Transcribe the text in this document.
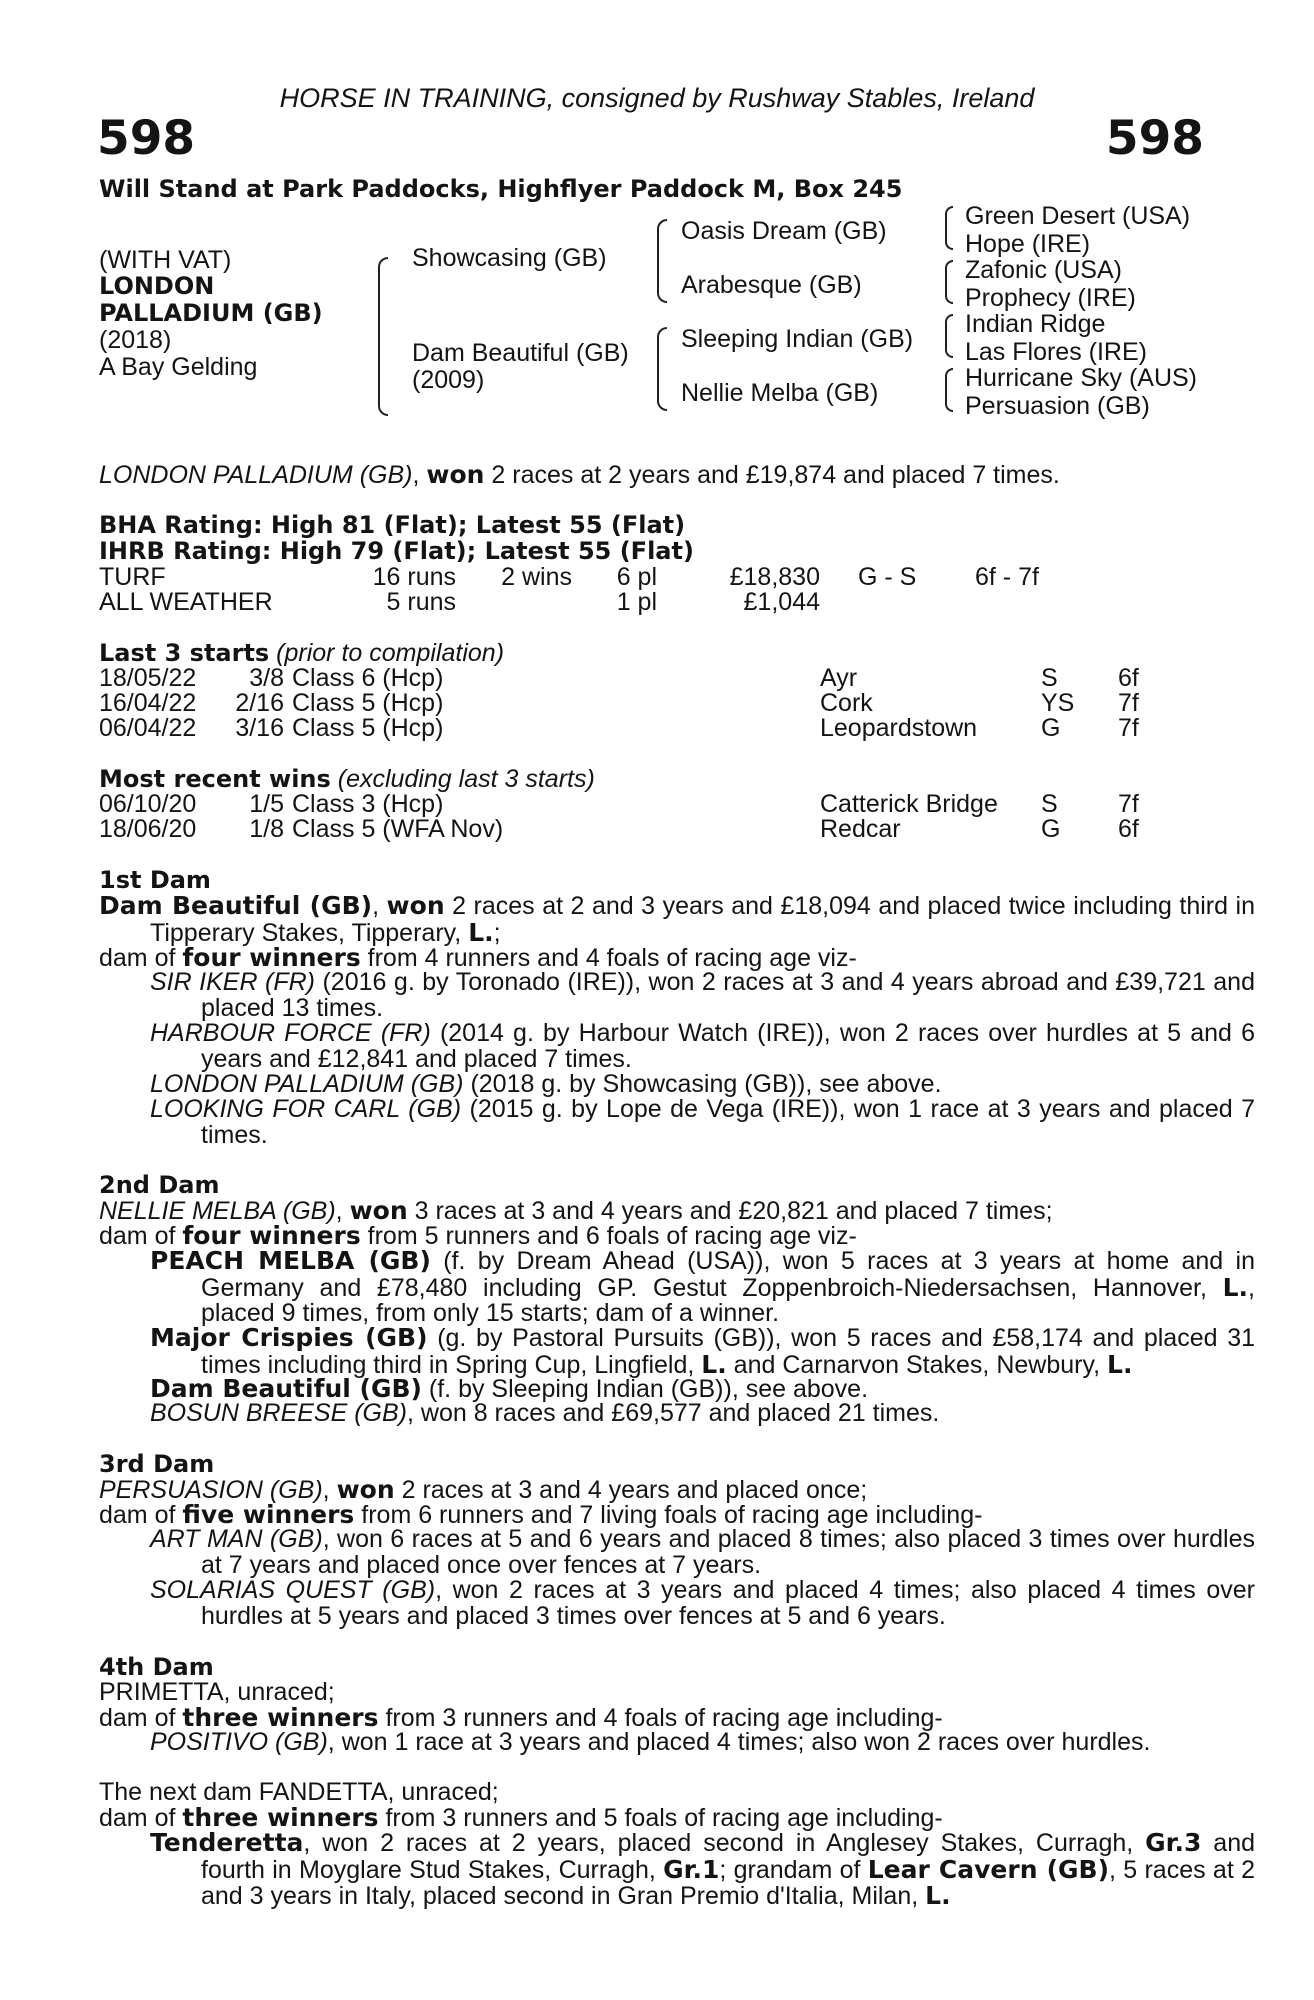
HORSE IN TRAINING, consigned by Rushway Stables, Ireland
598	598
Will Stand at Park Paddocks, Highflyer Paddock M, Box 245
(WITH VAT)
LONDON
PALLADIUM (GB)
(2018)
A Bay Gelding
Showcasing (GB)
Dam Beautiful (GB)
(2009)
Oasis Dream (GB)
Arabesque (GB)
Sleeping Indian (GB)
Nellie Melba (GB)
Green Desert (USA)
Hope (IRE)
Zafonic (USA)
Prophecy (IRE)
Indian Ridge
Las Flores (IRE)
Hurricane Sky (AUS)
Persuasion (GB)
LONDON PALLADIUM (GB), won 2 races at 2 years and £19,874 and placed 7 times.
BHA Rating: High 81 (Flat); Latest 55 (Flat)
IHRB Rating: High 79 (Flat); Latest 55 (Flat)
TURF	16 runs	2 wins	6 pl	£18,830 G - S 6f - 7f
ALL WEATHER	5 runs	1 pl	£1,044
Last 3 starts (prior to compilation)
18/05/22	3/8 Class 6 (Hcp)	Ayr	S 6f
16/04/22	2/16 Class 5 (Hcp)	Cork	YS 7f
06/04/22	3/16 Class 5 (Hcp)	Leopardstown	G 7f
Most recent wins (excluding last 3 starts)
06/10/20	1/5 Class 3 (Hcp)	Catterick Bridge S 7f
18/06/20	1/8 Class 5 (WFA Nov)	Redcar	G 6f
1st Dam
Dam Beautiful (GB), won 2 races at 2 and 3 years and £18,094 and placed twice including third in Tipperary Stakes, Tipperary, L.;
dam of four winners from 4 runners and 4 foals of racing age viz-
SIR IKER (FR) (2016 g. by Toronado (IRE)), won 2 races at 3 and 4 years abroad and £39,721 and placed 13 times.
HARBOUR FORCE (FR) (2014 g. by Harbour Watch (IRE)), won 2 races over hurdles at 5 and 6 years and £12,841 and placed 7 times.
LONDON PALLADIUM (GB) (2018 g. by Showcasing (GB)), see above.
LOOKING FOR CARL (GB) (2015 g. by Lope de Vega (IRE)), won 1 race at 3 years and placed 7 times.
2nd Dam
NELLIE MELBA (GB), won 3 races at 3 and 4 years and £20,821 and placed 7 times;
dam of four winners from 5 runners and 6 foals of racing age viz-
PEACH MELBA (GB) (f. by Dream Ahead (USA)), won 5 races at 3 years at home and in Germany and £78,480 including GP. Gestut Zoppenbroich-Niedersachsen, Hannover, L., placed 9 times, from only 15 starts; dam of a winner.
Major Crispies (GB) (g. by Pastoral Pursuits (GB)), won 5 races and £58,174 and placed 31 times including third in Spring Cup, Lingfield, L. and Carnarvon Stakes, Newbury, L.
Dam Beautiful (GB) (f. by Sleeping Indian (GB)), see above.
BOSUN BREESE (GB), won 8 races and £69,577 and placed 21 times.
3rd Dam
PERSUASION (GB), won 2 races at 3 and 4 years and placed once;
dam of five winners from 6 runners and 7 living foals of racing age including-
ART MAN (GB), won 6 races at 5 and 6 years and placed 8 times; also placed 3 times over hurdles at 7 years and placed once over fences at 7 years.
SOLARIAS QUEST (GB), won 2 races at 3 years and placed 4 times; also placed 4 times over hurdles at 5 years and placed 3 times over fences at 5 and 6 years.
4th Dam
PRIMETTA, unraced;
dam of three winners from 3 runners and 4 foals of racing age including-
POSITIVO (GB), won 1 race at 3 years and placed 4 times; also won 2 races over hurdles.
The next dam FANDETTA, unraced;
dam of three winners from 3 runners and 5 foals of racing age including-
Tenderetta, won 2 races at 2 years, placed second in Anglesey Stakes, Curragh, Gr.3 and fourth in Moyglare Stud Stakes, Curragh, Gr.1; grandam of Lear Cavern (GB), 5 races at 2 and 3 years in Italy, placed second in Gran Premio d'Italia, Milan, L.
